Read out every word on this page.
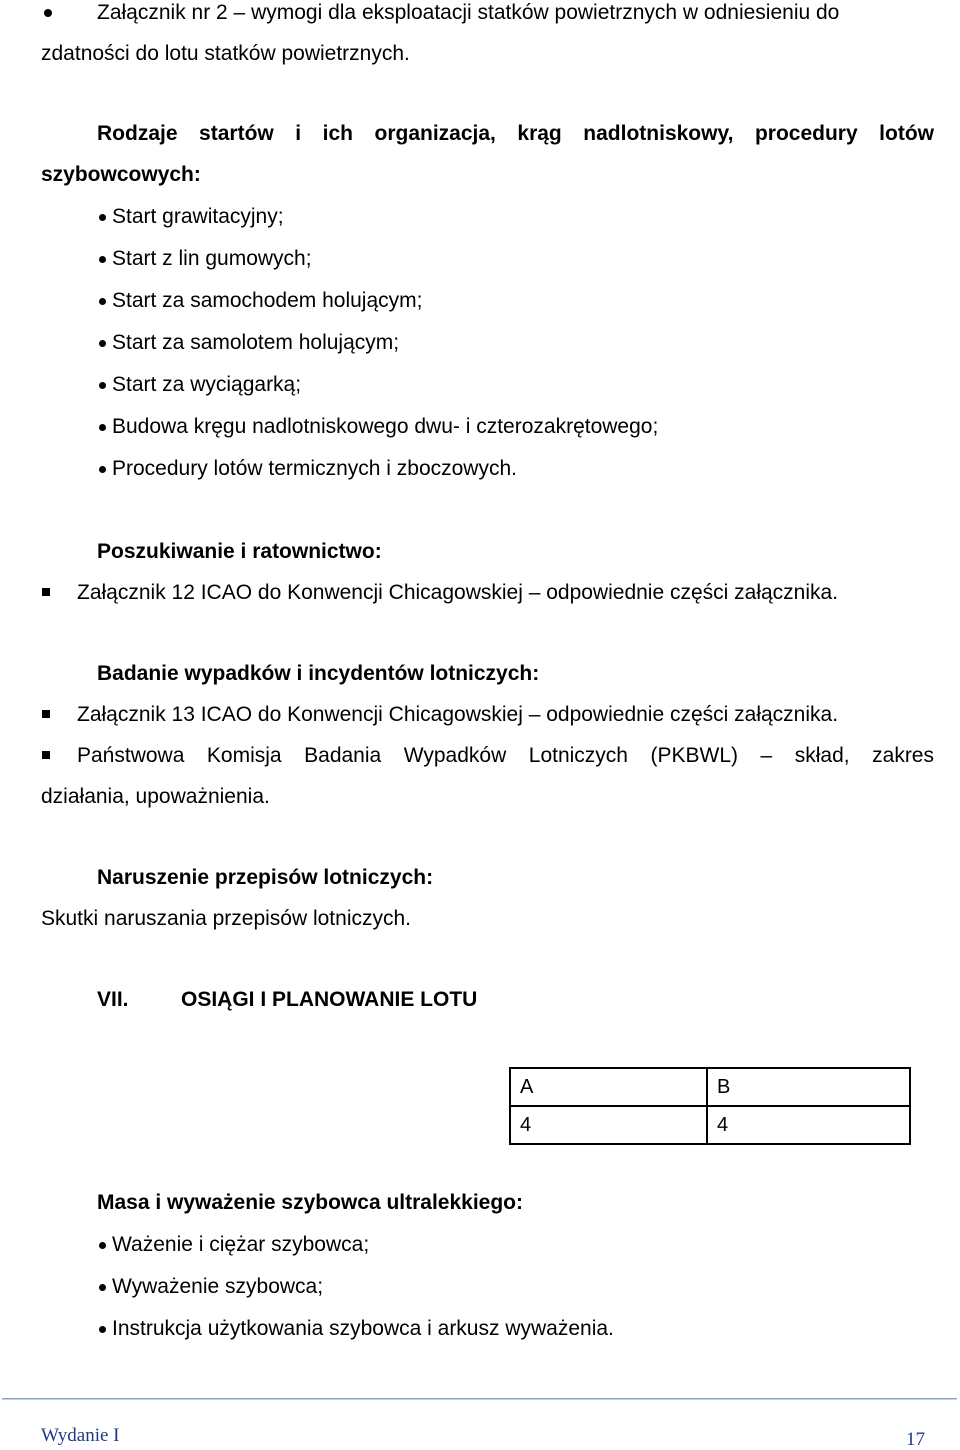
Załącznik nr 2 – wymogi dla eksploatacji statków powietrznych w odniesieniu do
zdatności do lotu statków powietrznych.
Rodzaje startów i ich organizacja, krąg nadlotniskowy, procedury lotów
szybowcowych:
Start grawitacyjny;
Start z lin gumowych;
Start za samochodem holującym;
Start za samolotem holującym;
Start za wyciągarką;
Budowa kręgu nadlotniskowego dwu- i czterozakrętowego;
Procedury lotów termicznych i zboczowych.
Poszukiwanie i ratownictwo:
Załącznik 12 ICAO do Konwencji Chicagowskiej – odpowiednie części załącznika.
Badanie wypadków i incydentów lotniczych:
Załącznik 13 ICAO do Konwencji Chicagowskiej – odpowiednie części załącznika.
Państwowa Komisja Badania Wypadków Lotniczych (PKBWL) – skład, zakres
działania, upoważnienia.
Naruszenie przepisów lotniczych:
Skutki naruszania przepisów lotniczych.
VII. OSIĄGI I PLANOWANIE LOTU
A	B
4	4
Masa i wyważenie szybowca ultralekkiego:
Ważenie i ciężar szybowca;
Wyważenie szybowca;
Instrukcja użytkowania szybowca i arkusz wyważenia.
Wydanie I	17
